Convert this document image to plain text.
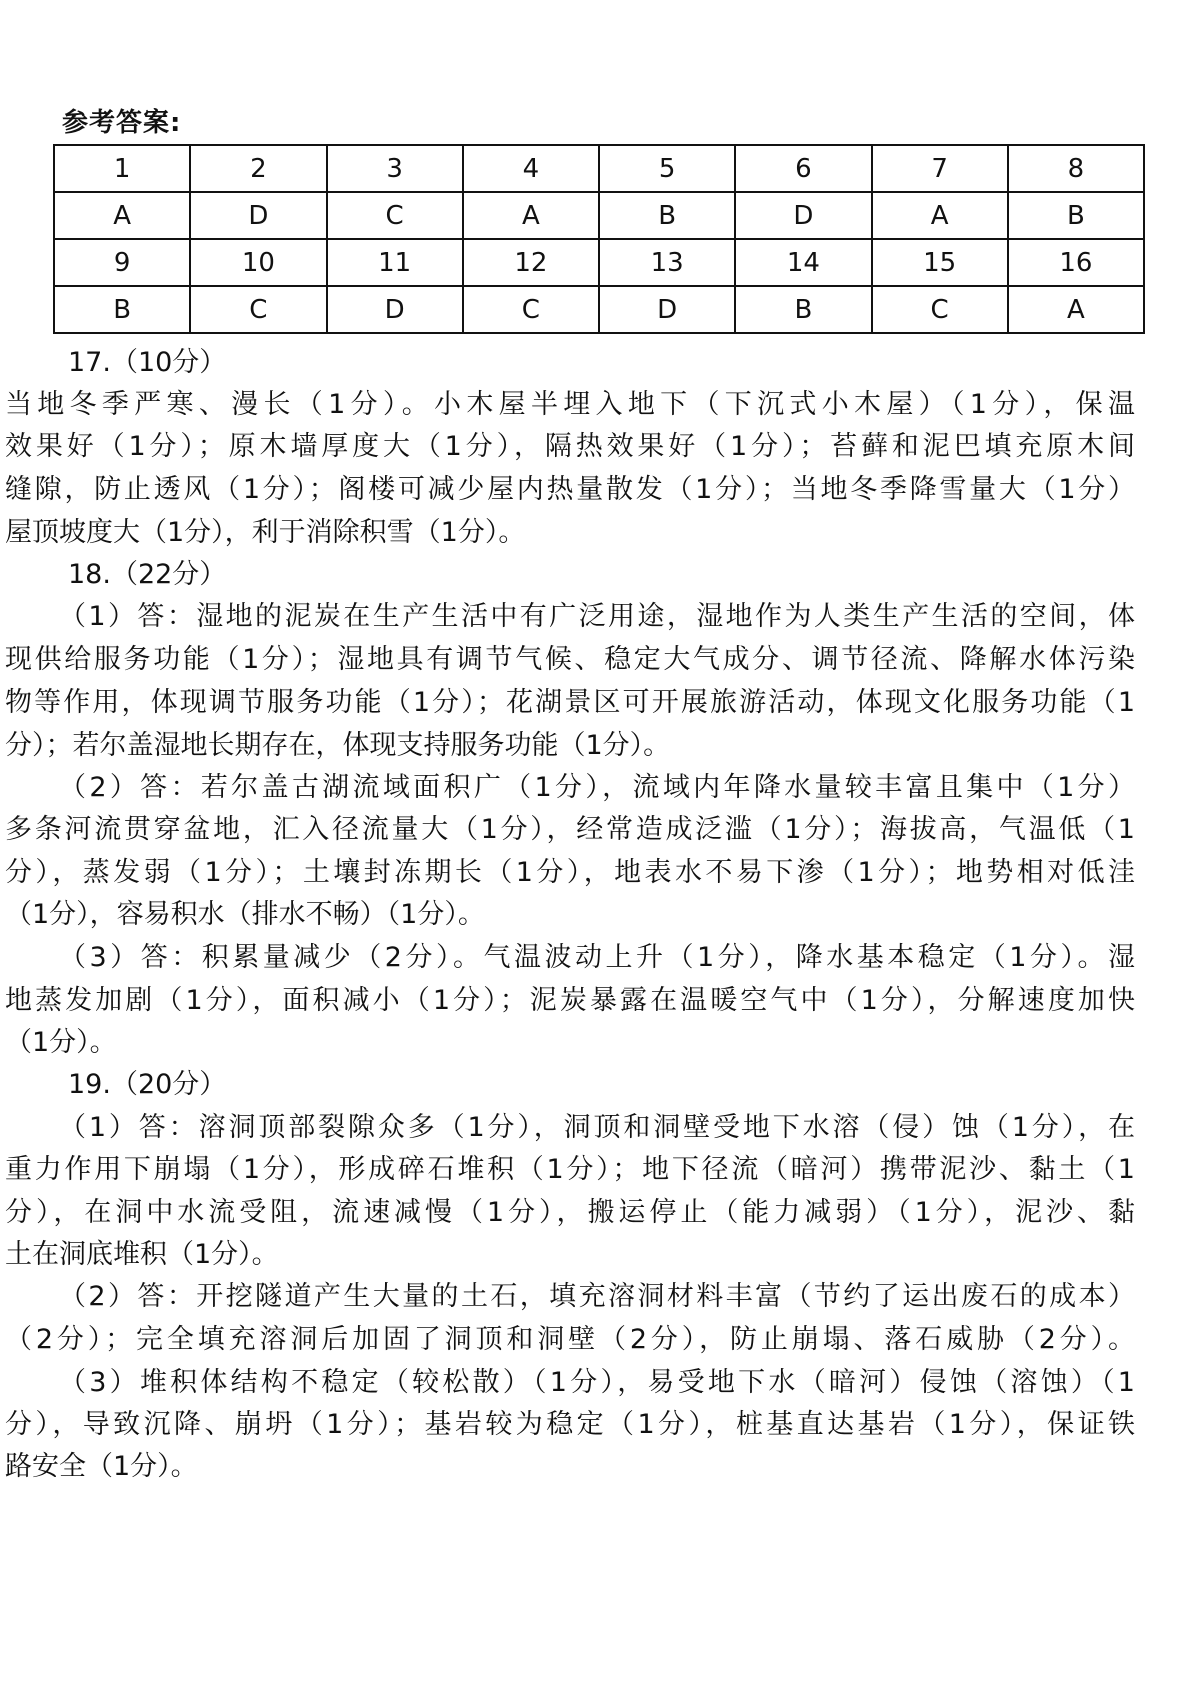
参考答案:
1	2	3	4	5	6	7	8
A	D	C	A	B	D	A	B
9	10	11	12	13	14	15	16
B	C	D	C	D	B	C	A
17.（10分）
当地冬季严寒、漫长（1分）。小木屋半埋入地下（下沉式小木屋）（1分），保温
效果好（1分）；原木墙厚度大（1分），隔热效果好（1分）；苔藓和泥巴填充原木间
缝隙，防止透风（1分）；阁楼可减少屋内热量散发（1分）；当地冬季降雪量大（1分）
屋顶坡度大（1分），利于消除积雪（1分）。
18.（22分）
（1）答：湿地的泥炭在生产生活中有广泛用途，湿地作为人类生产生活的空间，体
现供给服务功能（1分）；湿地具有调节气候、稳定大气成分、调节径流、降解水体污染
物等作用，体现调节服务功能（1分）；花湖景区可开展旅游活动，体现文化服务功能（1
分）；若尔盖湿地长期存在，体现支持服务功能（1分）。
（2）答：若尔盖古湖流域面积广（1分），流域内年降水量较丰富且集中（1分）
多条河流贯穿盆地，汇入径流量大（1分），经常造成泛滥（1分）；海拔高，气温低（1
分），蒸发弱（1分）；土壤封冻期长（1分），地表水不易下渗（1分）；地势相对低洼
（1分），容易积水（排水不畅）（1分）。
（3）答：积累量减少（2分）。气温波动上升（1分），降水基本稳定（1分）。湿
地蒸发加剧（1分），面积减小（1分）；泥炭暴露在温暖空气中（1分），分解速度加快
（1分）。
19.（20分）
（1）答：溶洞顶部裂隙众多（1分），洞顶和洞壁受地下水溶（侵）蚀（1分），在
重力作用下崩塌（1分），形成碎石堆积（1分）；地下径流（暗河）携带泥沙、黏土（1
分），在洞中水流受阻，流速减慢（1分），搬运停止（能力减弱）（1分），泥沙、黏
土在洞底堆积（1分）。
（2）答：开挖隧道产生大量的土石，填充溶洞材料丰富（节约了运出废石的成本）
（2分）；完全填充溶洞后加固了洞顶和洞壁（2分），防止崩塌、落石威胁（2分）。
（3）堆积体结构不稳定（较松散）（1分），易受地下水（暗河）侵蚀（溶蚀）（1
分），导致沉降、崩坍（1分）；基岩较为稳定（1分），桩基直达基岩（1分），保证铁
路安全（1分）。
